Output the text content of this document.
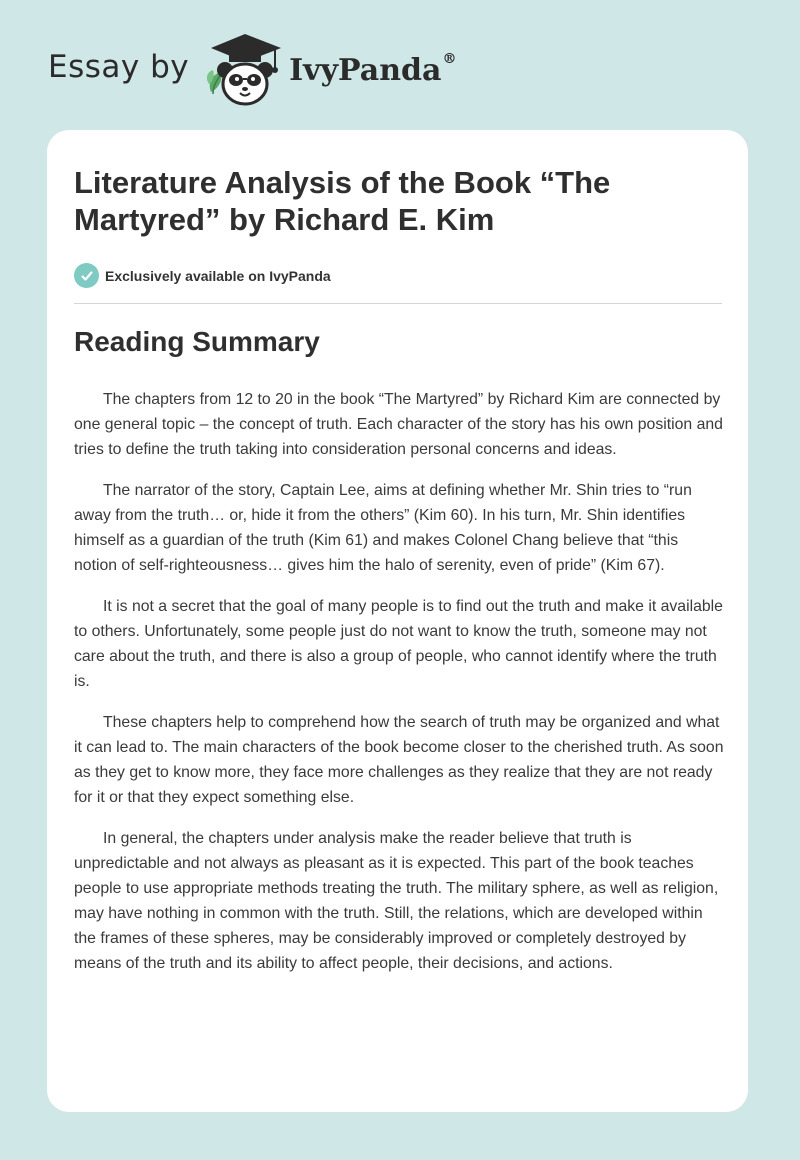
Essay by	IvyPanda®
Literature Analysis of the Book “The Martyred” by Richard E. Kim
Exclusively available on IvyPanda
Reading Summary

The chapters from 12 to 20 in the book “The Martyred” by Richard Kim are connected by one general topic – the concept of truth. Each character of the story has his own position and tries to define the truth taking into consideration personal concerns and ideas.

The narrator of the story, Captain Lee, aims at defining whether Mr. Shin tries to “run away from the truth… or, hide it from the others” (Kim 60). In his turn, Mr. Shin identifies himself as a guardian of the truth (Kim 61) and makes Colonel Chang believe that “this notion of self-righteousness… gives him the halo of serenity, even of pride” (Kim 67).

It is not a secret that the goal of many people is to find out the truth and make it available to others. Unfortunately, some people just do not want to know the truth, someone may not care about the truth, and there is also a group of people, who cannot identify where the truth is.

These chapters help to comprehend how the search of truth may be organized and what it can lead to. The main characters of the book become closer to the cherished truth. As soon as they get to know more, they face more challenges as they realize that they are not ready for it or that they expect something else.

In general, the chapters under analysis make the reader believe that truth is unpredictable and not always as pleasant as it is expected. This part of the book teaches people to use appropriate methods treating the truth. The military sphere, as well as religion, may have nothing in common with the truth. Still, the relations, which are developed within the frames of these spheres, may be considerably improved or completely destroyed by means of the truth and its ability to affect people, their decisions, and actions.
